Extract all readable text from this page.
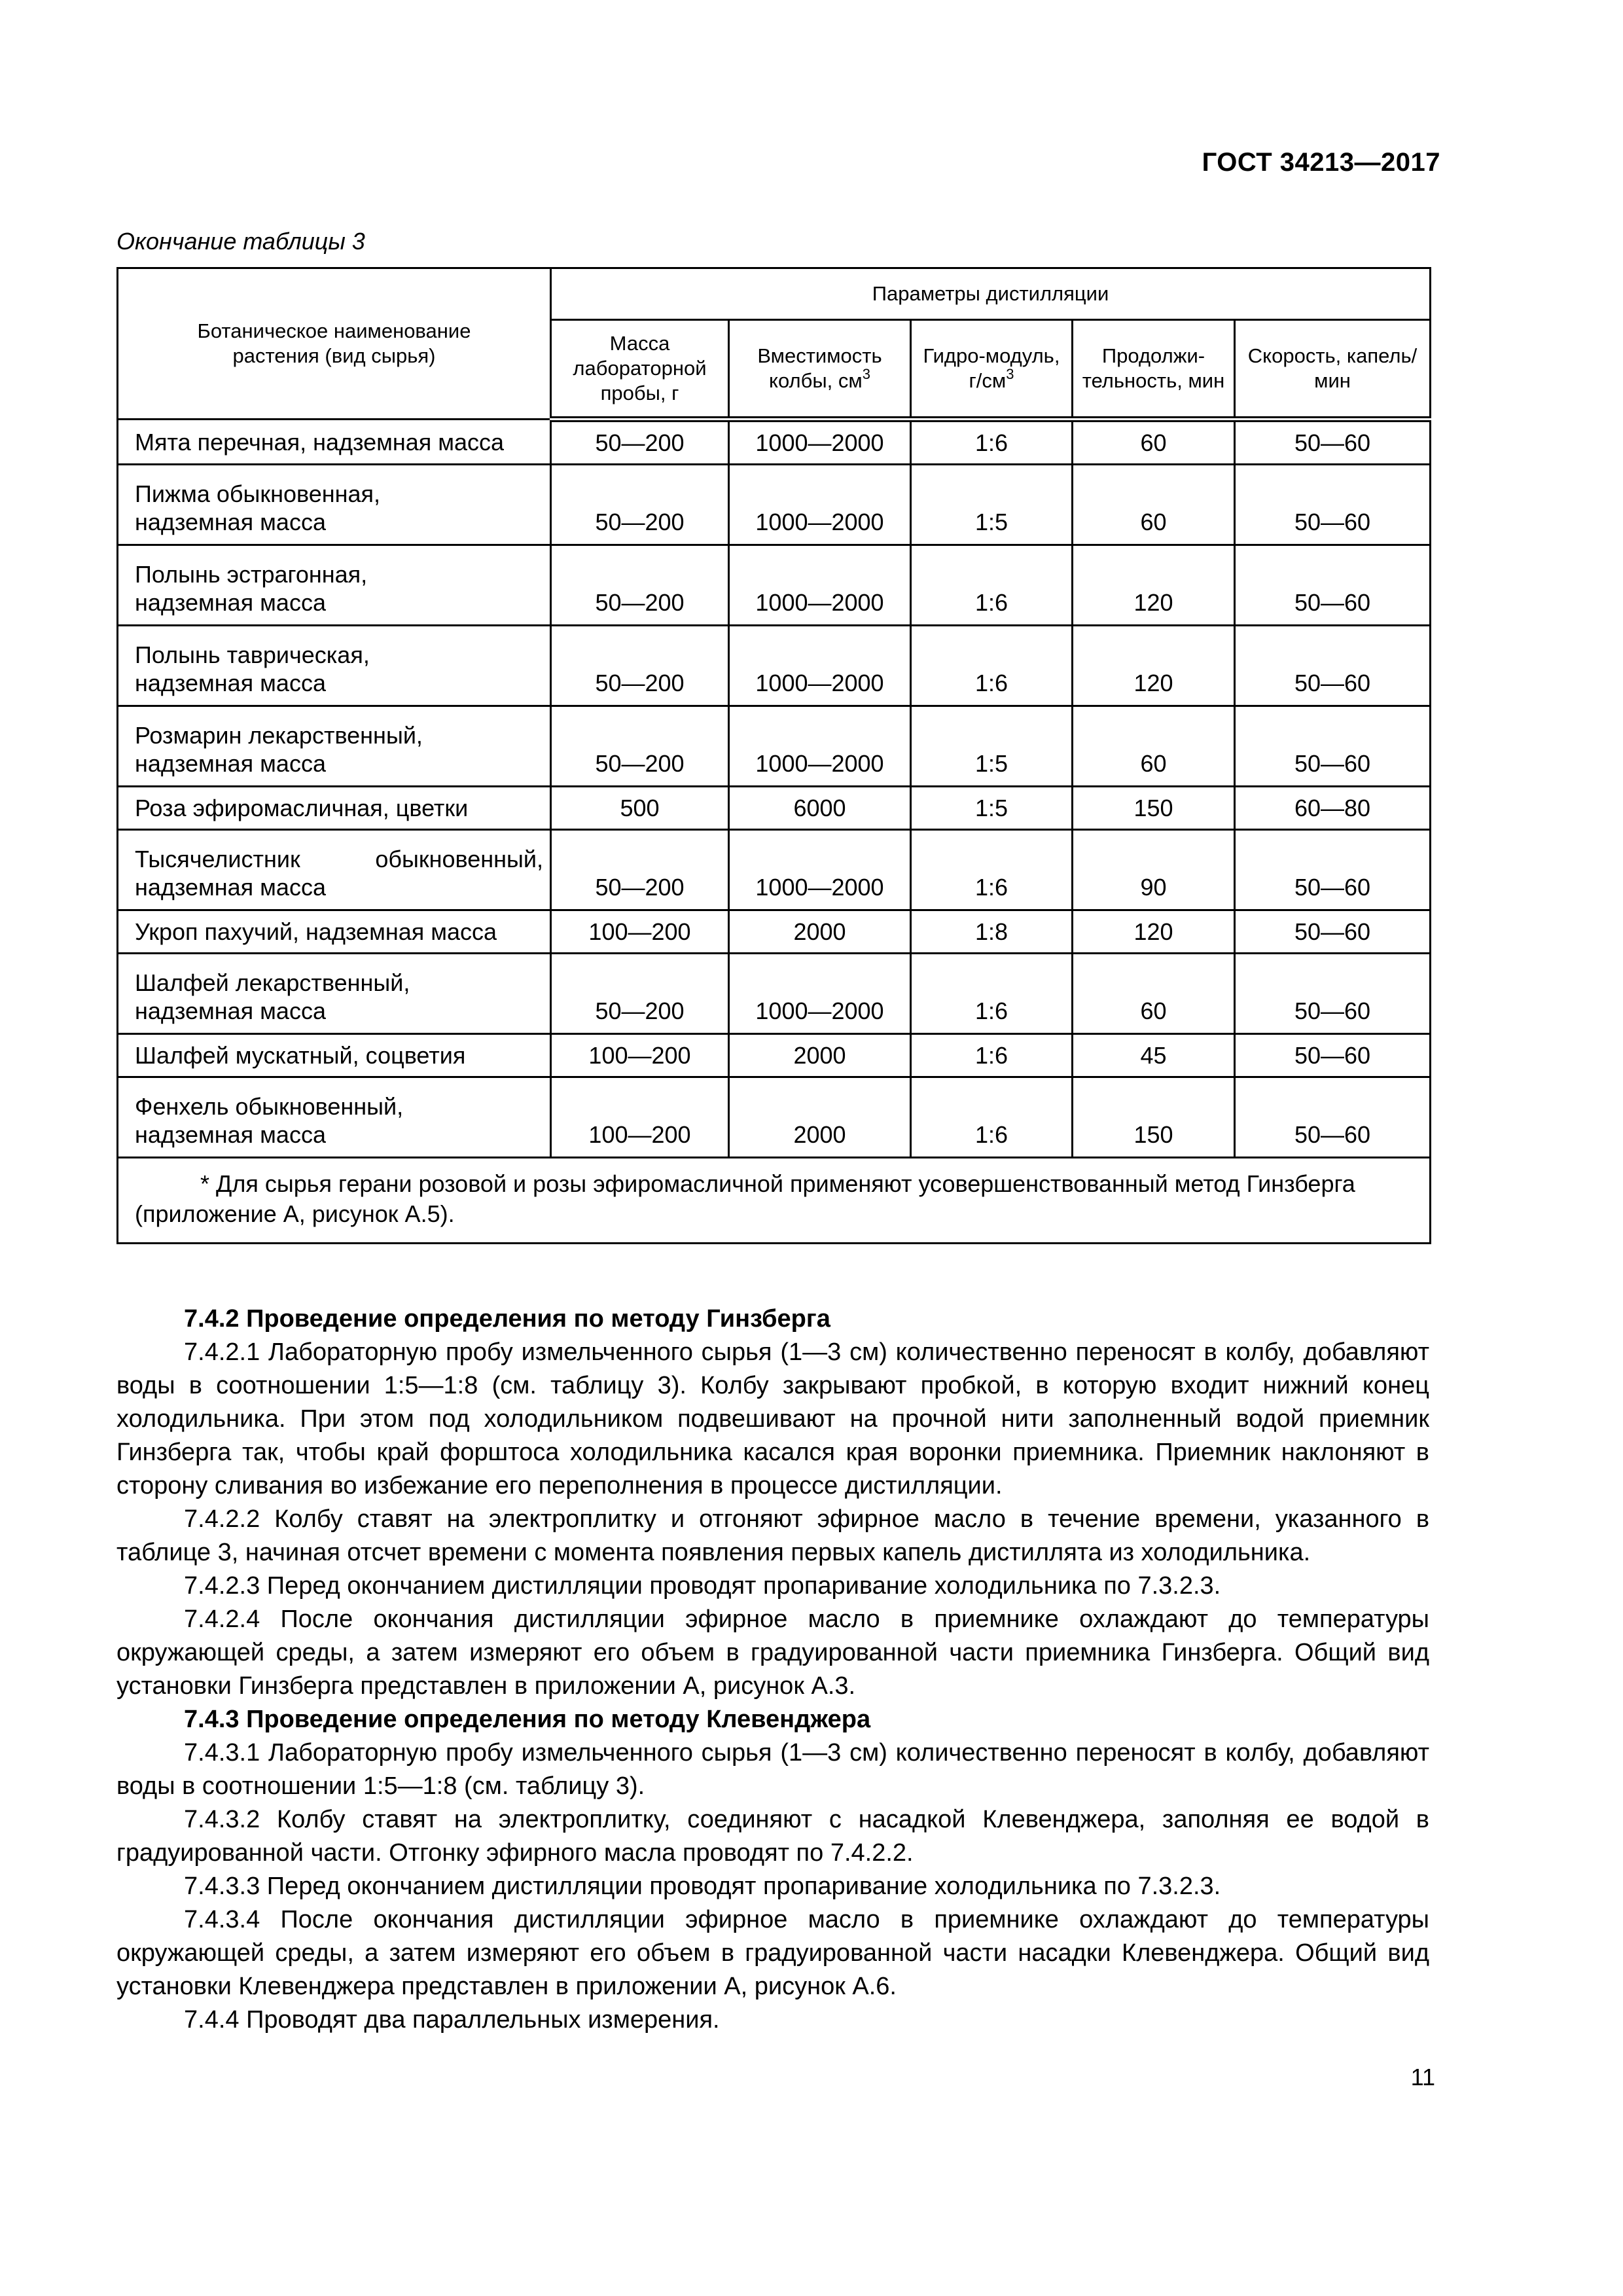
ГОСТ 34213—2017
Окончание таблицы 3
Ботаническое наименование растения (вид сырья)	Параметры дистилляции				
	Масса лабораторной пробы, г	Вместимость колбы, $см^3$	Гидро-модуль, $г/см^3$	Продолжи-тельность, мин	Скорость, капель/мин

Мята перечная, надземная масса	50—200	1000—2000	1:6	60	50—60

Пижма обыкновенная,
надземная масса	50—200	1000—2000	1:5	60	50—60

Полынь эстрагонная,
надземная масса	50—200	1000—2000	1:6	120	50—60

Полынь таврическая,
надземная масса	50—200	1000—2000	1:6	120	50—60

Розмарин лекарственный,
надземная масса	50—200	1000—2000	1:5	60	50—60

Роза эфиромасличная, цветки	500	6000	1:5	150	60—80

Тысячелистник обыкновенный,
надземная масса	50—200	1000—2000	1:6	90	50—60

Укроп пахучий, надземная масса	100—200	2000	1:8	120	50—60

Шалфей лекарственный,
надземная масса	50—200	1000—2000	1:6	60	50—60

Шалфей мускатный, соцветия	100—200	2000	1:6	45	50—60

Фенхель обыкновенный,
надземная масса	100—200	2000	1:6	150	50—60
* Для сырья герани розовой и розы эфиромасличной применяют усовершенствованный метод Гинзберга (приложение А, рисунок А.5).					

7.4.2 Проведение определения по методу Гинзберга

7.4.2.1 Лабораторную пробу измельченного сырья (1—3 см) количественно переносят в колбу, добавляют воды в соотношении 1:5—1:8 (см. таблицу 3). Колбу закрывают пробкой, в которую входит нижний конец холодильника. При этом под холодильником подвешивают на прочной нити заполненный водой приемник Гинзберга так, чтобы край форштоса холодильника касался края воронки приемника. Приемник наклоняют в сторону сливания во избежание его переполнения в процессе дистилляции.

7.4.2.2 Колбу ставят на электроплитку и отгоняют эфирное масло в течение времени, указанного в таблице 3, начиная отсчет времени с момента появления первых капель дистиллята из холодильника.

7.4.2.3 Перед окончанием дистилляции проводят пропаривание холодильника по 7.3.2.3.

7.4.2.4 После окончания дистилляции эфирное масло в приемнике охлаждают до температуры окружающей среды, а затем измеряют его объем в градуированной части приемника Гинзберга. Общий вид установки Гинзберга представлен в приложении А, рисунок А.3.

7.4.3 Проведение определения по методу Клевенджера

7.4.3.1 Лабораторную пробу измельченного сырья (1—3 см) количественно переносят в колбу, добавляют воды в соотношении 1:5—1:8 (см. таблицу 3).

7.4.3.2 Колбу ставят на электроплитку, соединяют с насадкой Клевенджера, заполняя ее водой в градуированной части. Отгонку эфирного масла проводят по 7.4.2.2.

7.4.3.3 Перед окончанием дистилляции проводят пропаривание холодильника по 7.3.2.3.

7.4.3.4 После окончания дистилляции эфирное масло в приемнике охлаждают до температуры окружающей среды, а затем измеряют его объем в градуированной части насадки Клевенджера. Общий вид установки Клевенджера представлен в приложении А, рисунок А.6.

7.4.4 Проводят два параллельных измерения.

11
